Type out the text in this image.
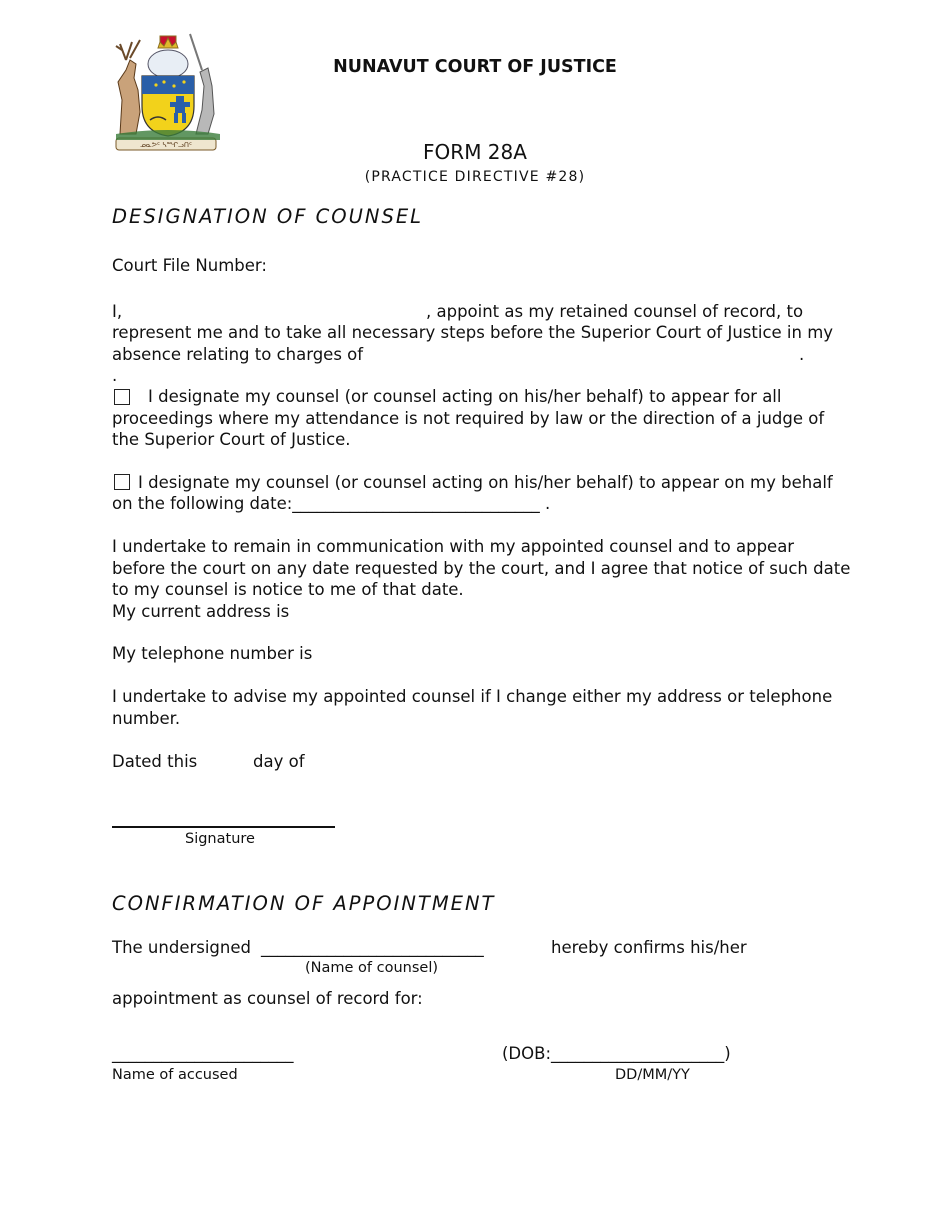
ᓄᓇᕗᑦ ᓴᙱᓗᑎᑦ
NUNAVUT COURT OF JUSTICE
FORM 28A
(PRACTICE DIRECTIVE #28)
DESIGNATION OF COUNSEL
Court File Number:
I,	, appoint as my retained counsel of record, to
represent me and to take all necessary steps before the Superior Court of Justice in my
absence relating to charges of	.
.
I designate my counsel (or counsel acting on his/her behalf) to appear for all
proceedings where my attendance is not required by law or the direction of a judge of
the Superior Court of Justice.
I designate my counsel (or counsel acting on his/her behalf) to appear on my behalf
on the following date:______________________________ .
I undertake to remain in communication with my appointed counsel and to appear
before the court on any date requested by the court, and I agree that notice of such date
to my counsel is notice to me of that date.
My current address is
My telephone number is
I undertake to advise my appointed counsel if I change either my address or telephone
number.
Dated this	day of
Signature
CONFIRMATION OF APPOINTMENT
The undersigned ___________________________	hereby confirms his/her
(Name of counsel)
appointment as counsel of record for:
______________________	(DOB:_____________________)
Name of accused	DD/MM/YY
